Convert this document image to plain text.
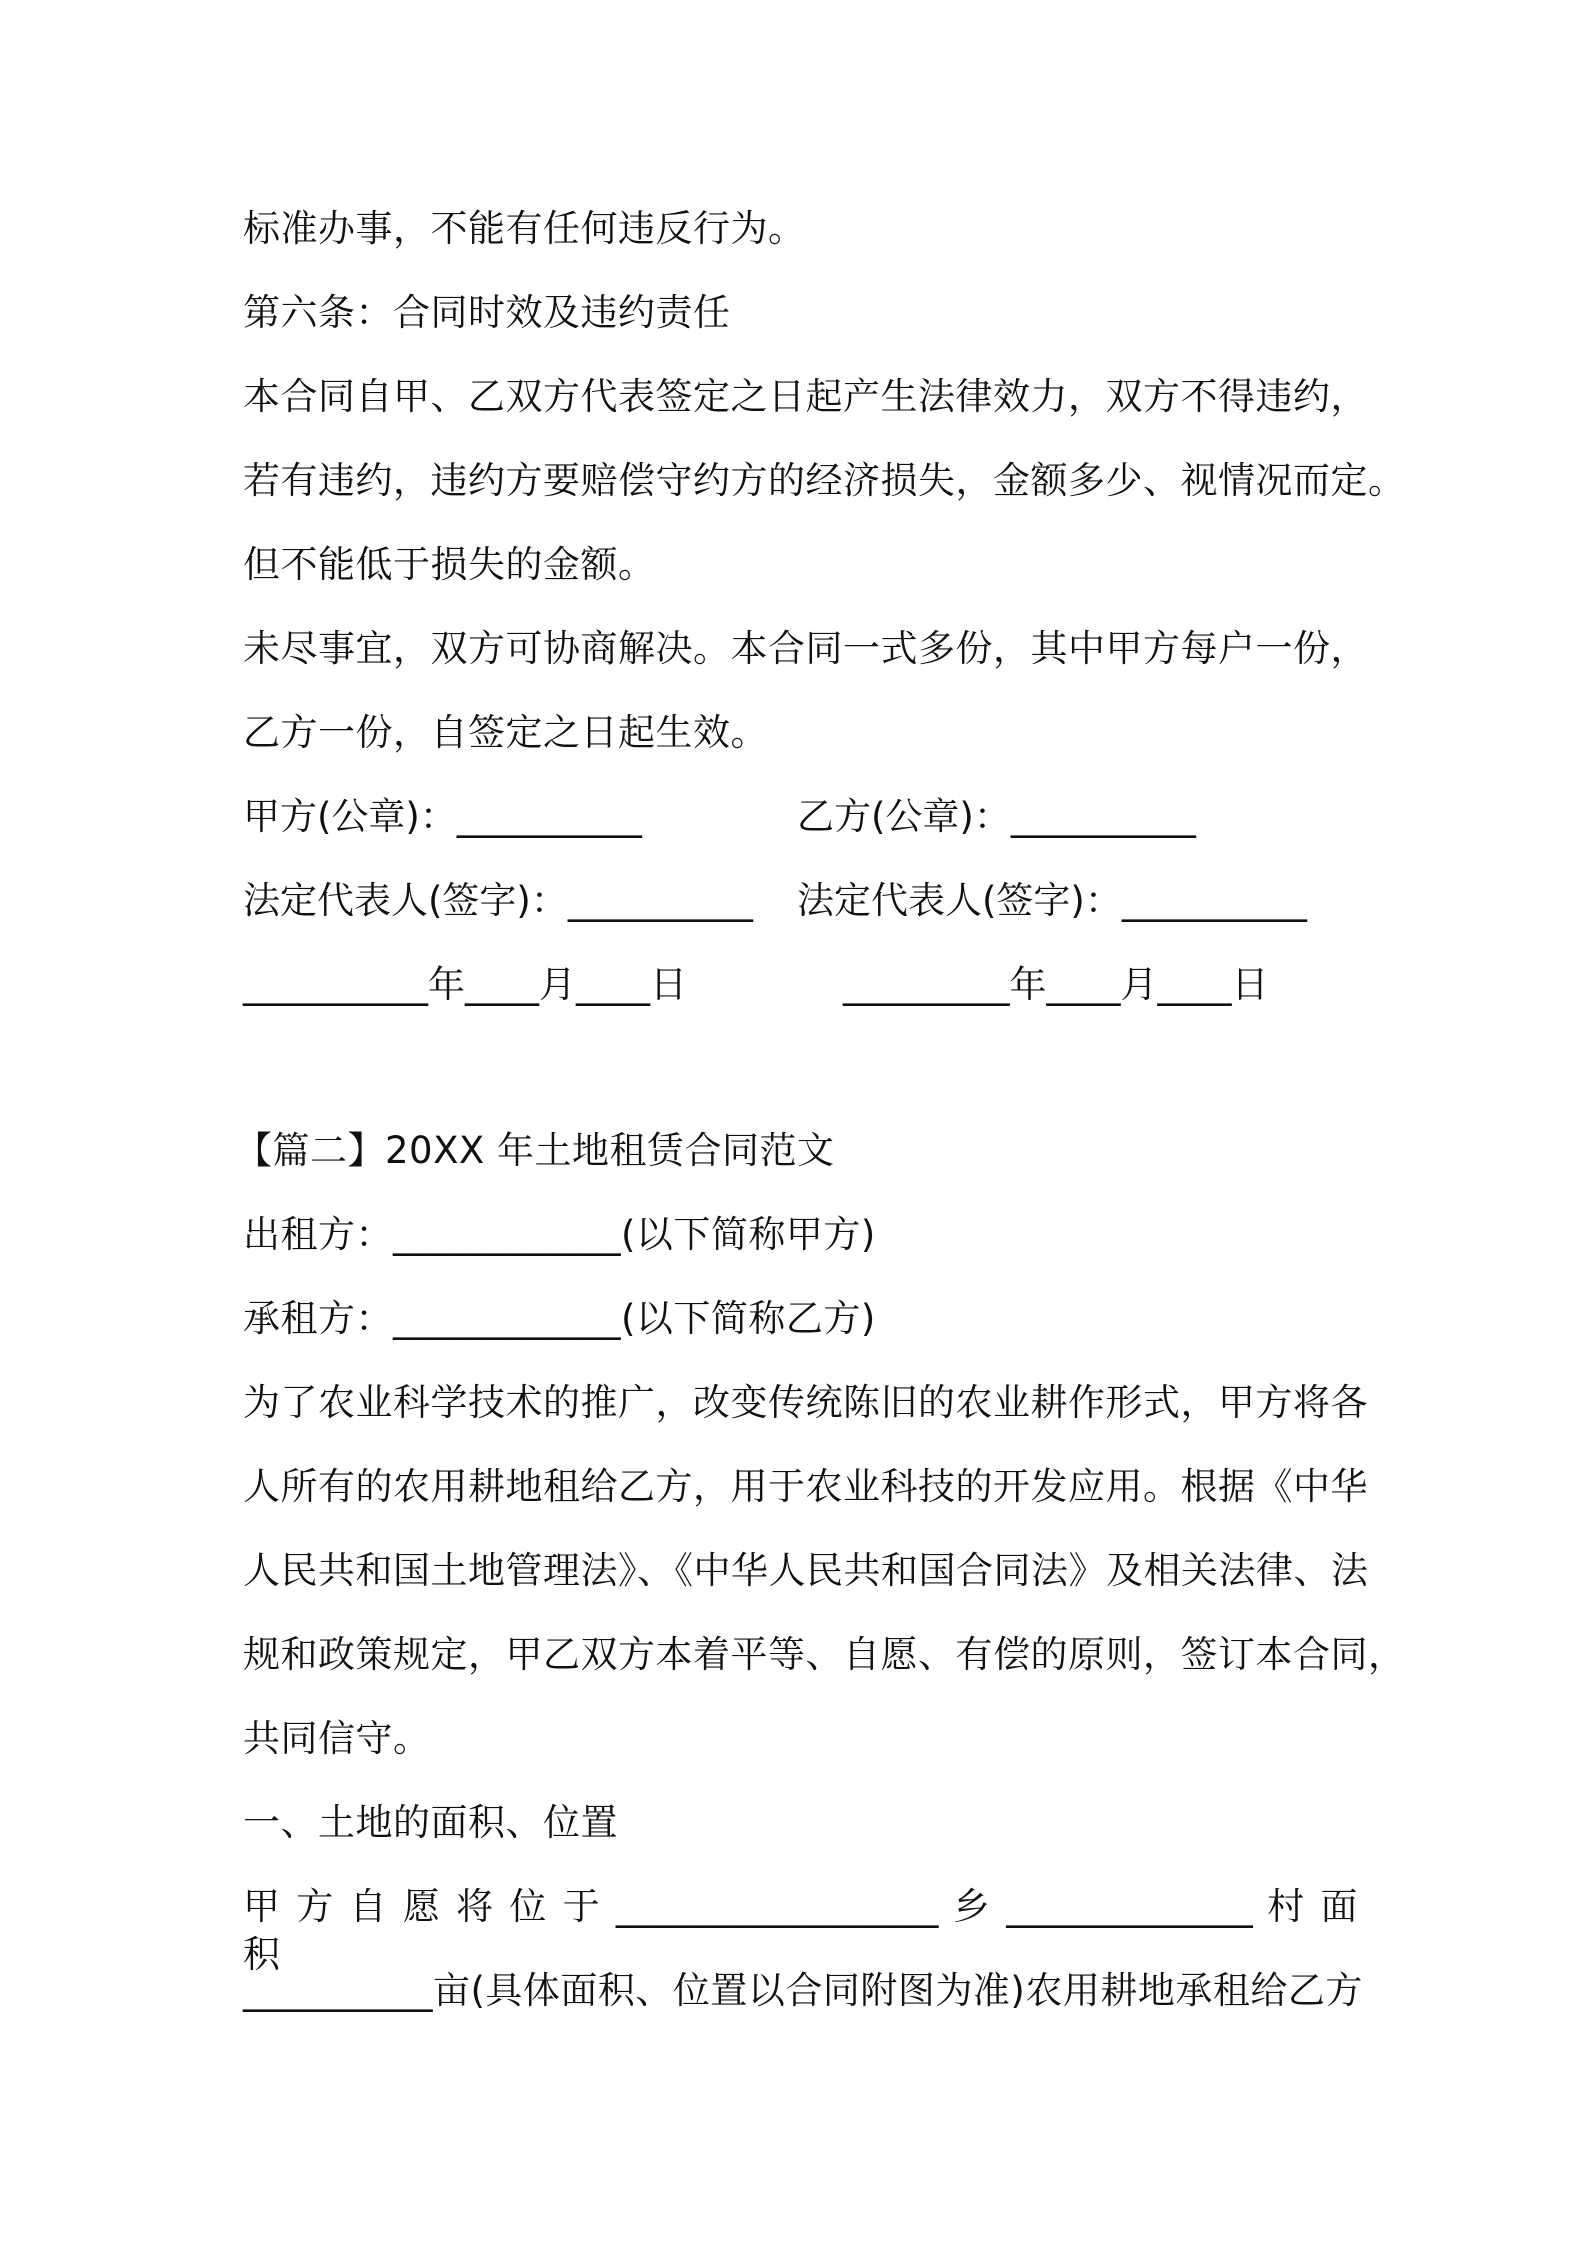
标准办事，不能有任何违反行为。
第六条：合同时效及违约责任
本合同自甲、乙双方代表签定之日起产生法律效力，双方不得违约，
若有违约，违约方要赔偿守约方的经济损失，金额多少、视情况而定。
但不能低于损失的金额。
未尽事宜，双方可协商解决。本合同一式多份，其中甲方每户一份，
乙方一份，自签定之日起生效。
甲方(公章)：__________	乙方(公章)：__________
法定代表人(签字)：__________ 法定代表人(签字)：__________
__________年____月____日	_________年____月____日
【篇二】20XX 年土地租赁合同范文
出租方：____________(以下简称甲方)
承租方：____________(以下简称乙方)
为了农业科学技术的推广，改变传统陈旧的农业耕作形式，甲方将各
人所有的农用耕地租给乙方，用于农业科技的开发应用。根据《中华
人民共和国土地管理法》、《中华人民共和国合同法》及相关法律、法
规和政策规定，甲乙双方本着平等、自愿、有偿的原则，签订本合同，
共同信守。
一、土地的面积、位置
甲 方 自 愿 将 位 于 _________________ 乡 _____________ 村 面 积
__________亩(具体面积、位置以合同附图为准)农用耕地承租给乙方
